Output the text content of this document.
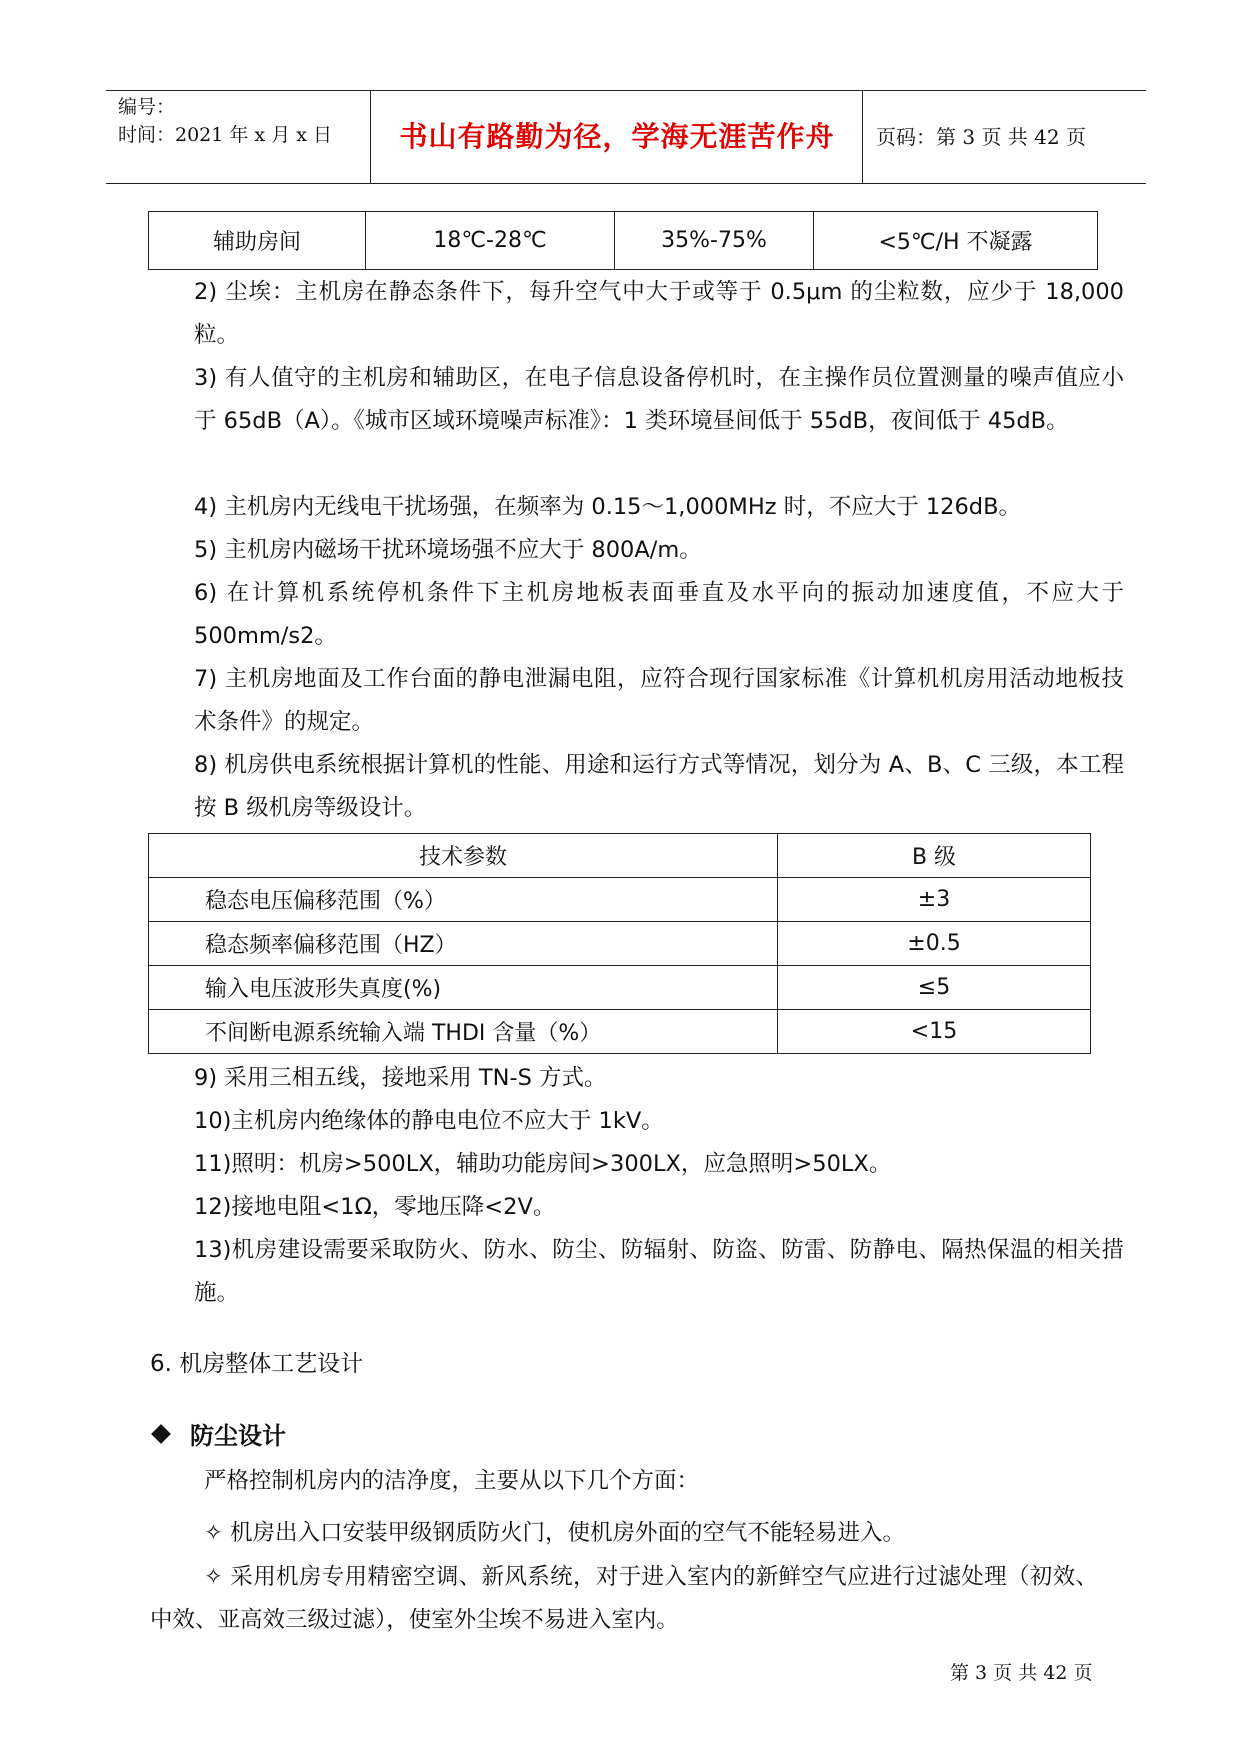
编号：
时间：2021 年 x 月 x 日	书山有路勤为径，学海无涯苦作舟	页码：第 3 页 共 42 页
辅助房间	18℃-28℃	35%-75%	<5℃/H 不凝露

2) 尘埃：主机房在静态条件下，每升空气中大于或等于 0.5μm 的尘粒数，应少于 18,000 粒。

3) 有人值守的主机房和辅助区，在电子信息设备停机时，在主操作员位置测量的噪声值应小于 65dB（A）。《城市区域环境噪声标准》：1 类环境昼间低于 55dB，夜间低于 45dB。

4) 主机房内无线电干扰场强，在频率为 0.15～1,000MHz 时，不应大于 126dB。

5) 主机房内磁场干扰环境场强不应大于 800A/m。

6) 在计算机系统停机条件下主机房地板表面垂直及水平向的振动加速度值，不应大于 500mm/s2。

7) 主机房地面及工作台面的静电泄漏电阻，应符合现行国家标准《计算机机房用活动地板技术条件》的规定。

8) 机房供电系统根据计算机的性能、用途和运行方式等情况，划分为 A、B、C 三级，本工程按 B 级机房等级设计。

技术参数	B 级
稳态电压偏移范围（%）	±3
稳态频率偏移范围（HZ）	±0.5
输入电压波形失真度(%)	≤5
不间断电源系统输入端 THDI 含量（%）	<15

9) 采用三相五线，接地采用 TN-S 方式。

10)主机房内绝缘体的静电电位不应大于 1kV。

11)照明：机房>500LX，辅助功能房间>300LX，应急照明>50LX。

12)接地电阻<1Ω，零地压降<2V。

13)机房建设需要采取防火、防水、防尘、防辐射、防盗、防雷、防静电、隔热保温的相关措施。

6. 机房整体工艺设计
防尘设计

严格控制机房内的洁净度，主要从以下几个方面：

✧ 机房出入口安装甲级钢质防火门，使机房外面的空气不能轻易进入。

✧ 采用机房专用精密空调、新风系统，对于进入室内的新鲜空气应进行过滤处理（初效、中效、亚高效三级过滤），使室外尘埃不易进入室内。

第 3 页 共 42 页
